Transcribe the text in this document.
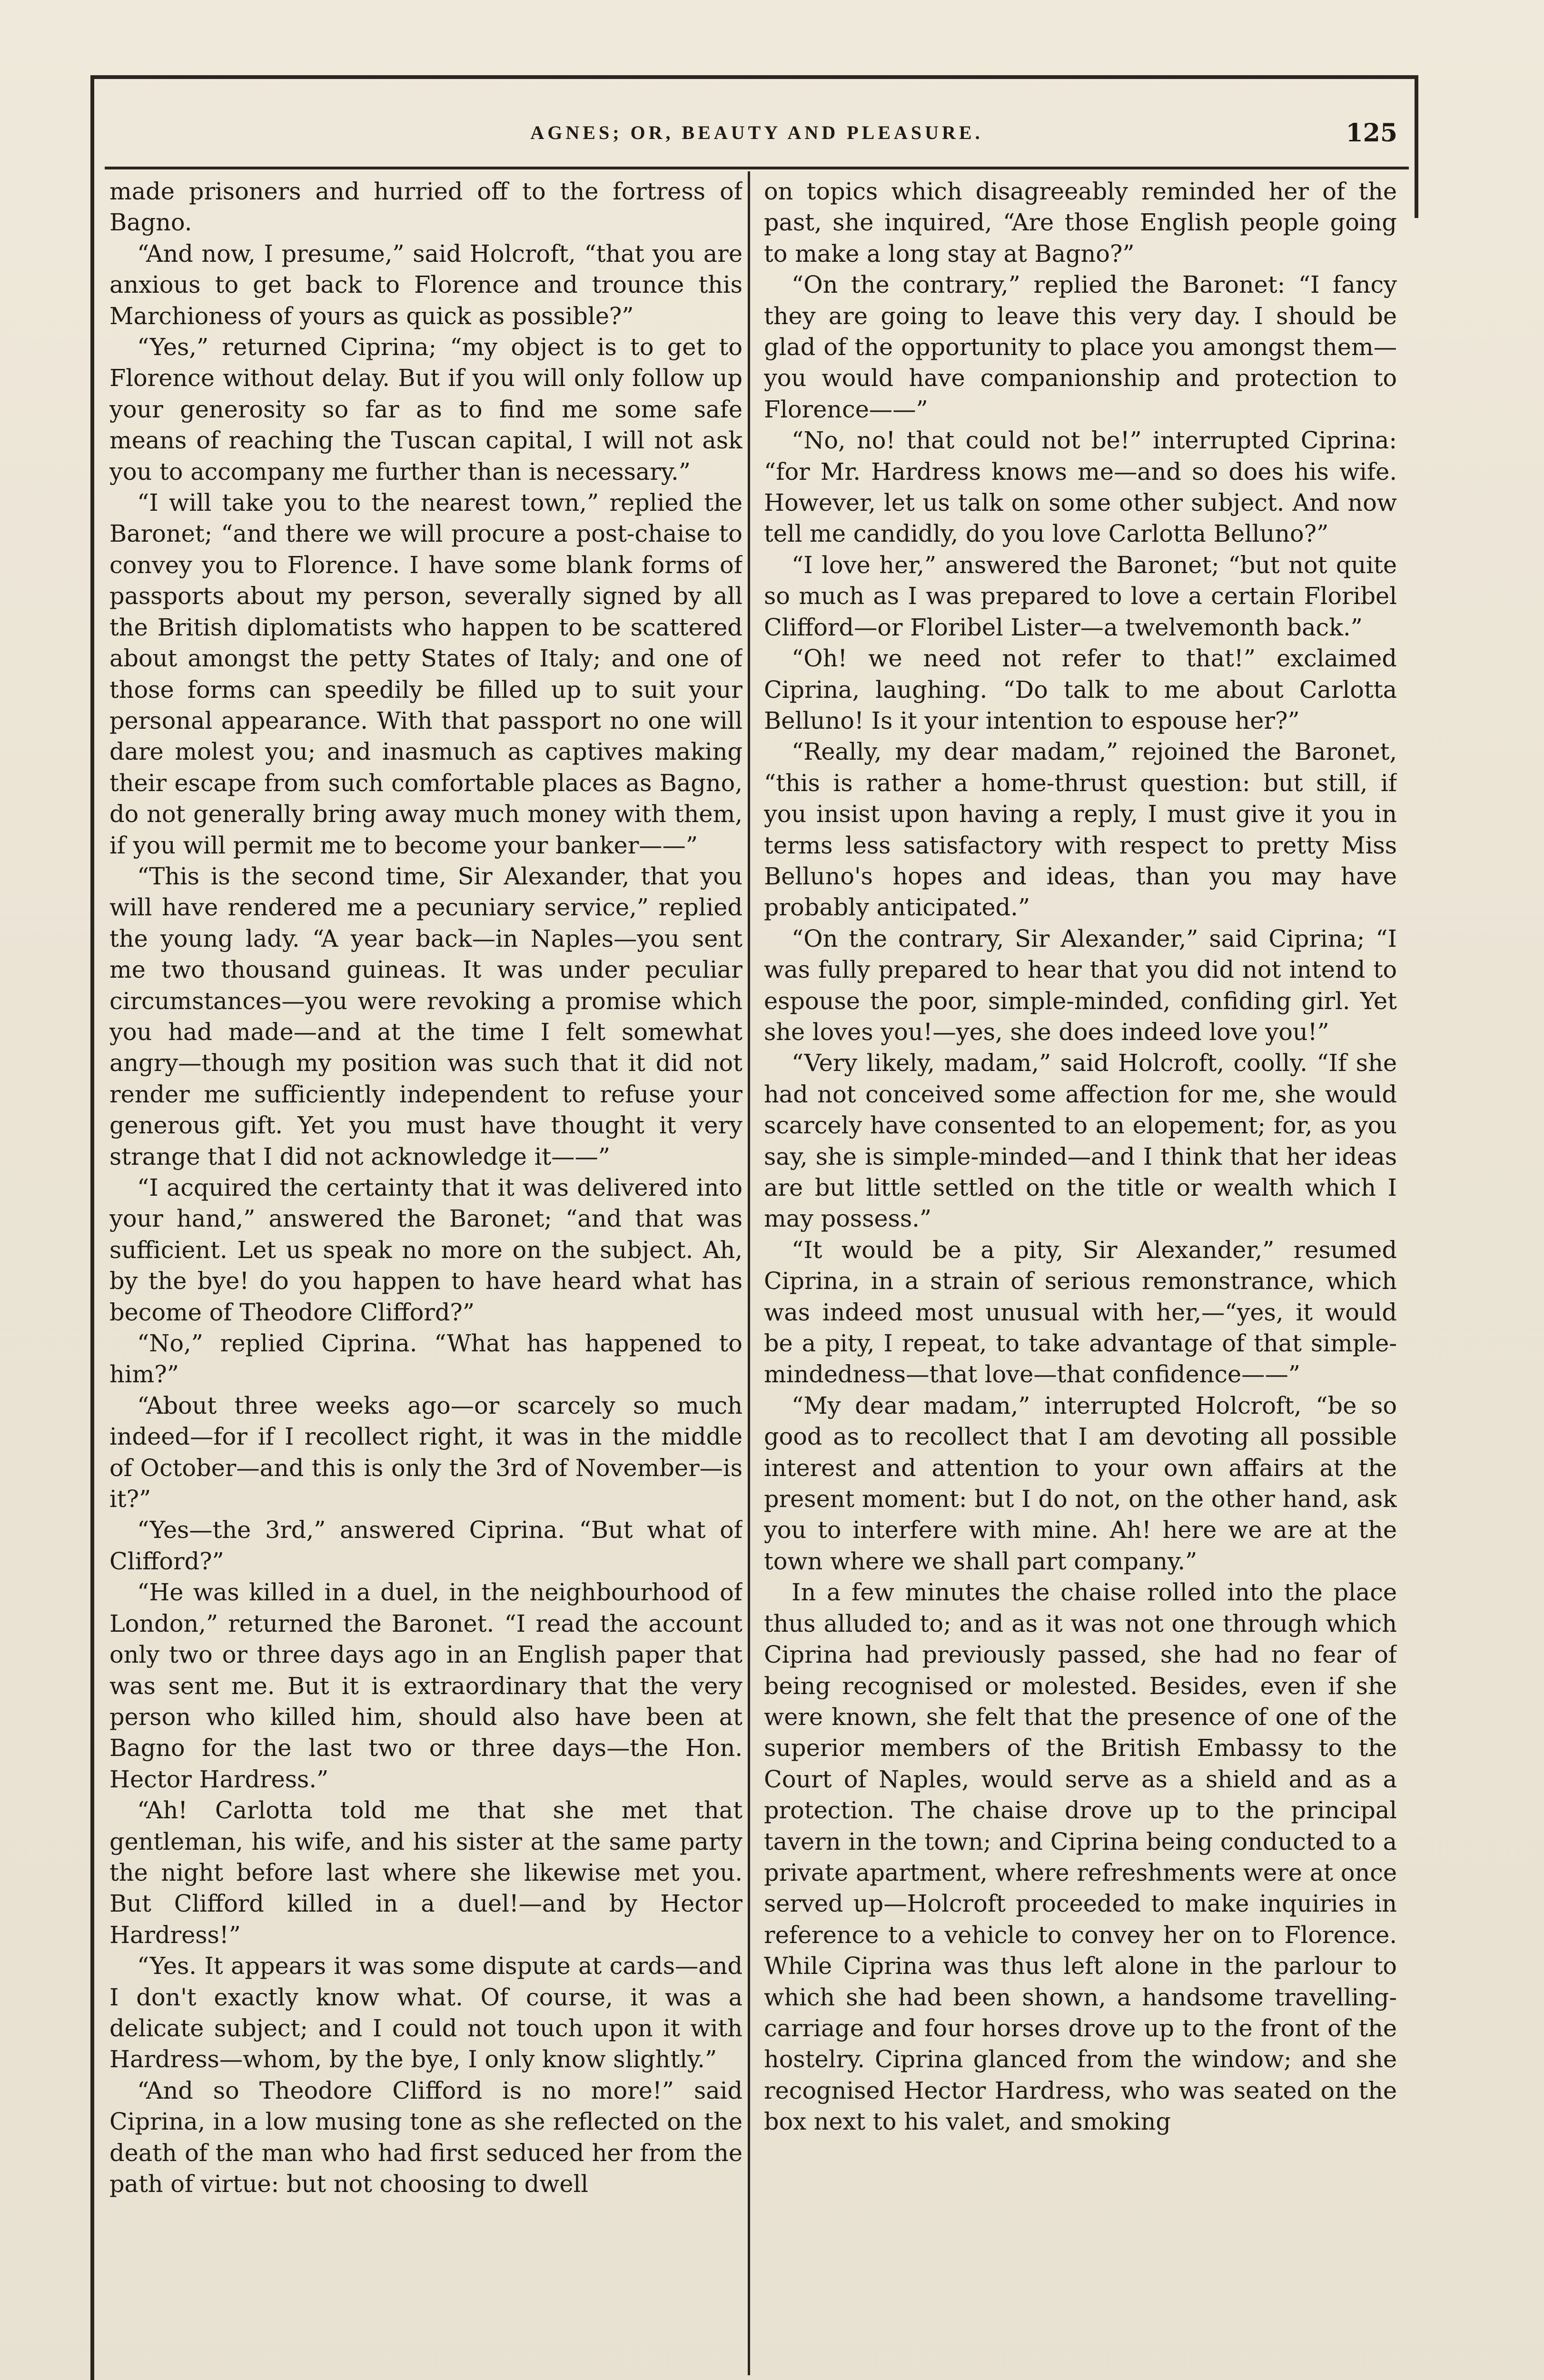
AGNES; OR, BEAUTY AND PLEASURE.	125

made prisoners and hurried off to the fortress of Bagno.

“And now, I presume,” said Holcroft, “that you are anxious to get back to Florence and trounce this Marchioness of yours as quick as possible?”

“Yes,” returned Ciprina; “my object is to get to Florence without delay. But if you will only follow up your generosity so far as to find me some safe means of reaching the Tuscan capital, I will not ask you to accompany me further than is necessary.”

“I will take you to the nearest town,” replied the Baronet; “and there we will procure a post-chaise to convey you to Florence. I have some blank forms of passports about my person, severally signed by all the British diplomatists who happen to be scattered about amongst the petty States of Italy; and one of those forms can speedily be filled up to suit your personal appearance. With that passport no one will dare molest you; and inasmuch as captives making their escape from such comfortable places as Bagno, do not generally bring away much money with them, if you will permit me to become your banker——”

“This is the second time, Sir Alexander, that you will have rendered me a pecuniary service,” replied the young lady. “A year back—in Naples—you sent me two thousand guineas. It was under peculiar circumstances—you were revoking a promise which you had made—and at the time I felt somewhat angry—though my position was such that it did not render me sufficiently independent to refuse your generous gift. Yet you must have thought it very strange that I did not acknowledge it——”

“I acquired the certainty that it was delivered into your hand,” answered the Baronet; “and that was sufficient. Let us speak no more on the subject. Ah, by the bye! do you happen to have heard what has become of Theodore Clifford?”

“No,” replied Ciprina. “What has happened to him?”

“About three weeks ago—or scarcely so much indeed—for if I recollect right, it was in the middle of October—and this is only the 3rd of November—is it?”

“Yes—the 3rd,” answered Ciprina. “But what of Clifford?”

“He was killed in a duel, in the neighbourhood of London,” returned the Baronet. “I read the account only two or three days ago in an English paper that was sent me. But it is extraordinary that the very person who killed him, should also have been at Bagno for the last two or three days—the Hon. Hector Hardress.”

“Ah! Carlotta told me that she met that gentleman, his wife, and his sister at the same party the night before last where she likewise met you. But Clifford killed in a duel!—and by Hector Hardress!”

“Yes. It appears it was some dispute at cards—and I don't exactly know what. Of course, it was a delicate subject; and I could not touch upon it with Hardress—whom, by the bye, I only know slightly.”

“And so Theodore Clifford is no more!” said Ciprina, in a low musing tone as she reflected on the death of the man who had first seduced her from the path of virtue: but not choosing to dwell

on topics which disagreeably reminded her of the past, she inquired, “Are those English people going to make a long stay at Bagno?”

“On the contrary,” replied the Baronet: “I fancy they are going to leave this very day. I should be glad of the opportunity to place you amongst them—you would have companionship and protection to Florence——”

“No, no! that could not be!” interrupted Ciprina: “for Mr. Hardress knows me—and so does his wife. However, let us talk on some other subject. And now tell me candidly, do you love Carlotta Belluno?”

“I love her,” answered the Baronet; “but not quite so much as I was prepared to love a certain Floribel Clifford—or Floribel Lister—a twelvemonth back.”

“Oh! we need not refer to that!” exclaimed Ciprina, laughing. “Do talk to me about Carlotta Belluno! Is it your intention to espouse her?”

“Really, my dear madam,” rejoined the Baronet, “this is rather a home-thrust question: but still, if you insist upon having a reply, I must give it you in terms less satisfactory with respect to pretty Miss Belluno's hopes and ideas, than you may have probably anticipated.”

“On the contrary, Sir Alexander,” said Ciprina; “I was fully prepared to hear that you did not intend to espouse the poor, simple-minded, confiding girl. Yet she loves you!—yes, she does indeed love you!”

“Very likely, madam,” said Holcroft, coolly. “If she had not conceived some affection for me, she would scarcely have consented to an elopement; for, as you say, she is simple-minded—and I think that her ideas are but little settled on the title or wealth which I may possess.”

“It would be a pity, Sir Alexander,” resumed Ciprina, in a strain of serious remonstrance, which was indeed most unusual with her,—“yes, it would be a pity, I repeat, to take advantage of that simple-mindedness—that love—that confidence——”

“My dear madam,” interrupted Holcroft, “be so good as to recollect that I am devoting all possible interest and attention to your own affairs at the present moment: but I do not, on the other hand, ask you to interfere with mine. Ah! here we are at the town where we shall part company.”

In a few minutes the chaise rolled into the place thus alluded to; and as it was not one through which Ciprina had previously passed, she had no fear of being recognised or molested. Besides, even if she were known, she felt that the presence of one of the superior members of the British Embassy to the Court of Naples, would serve as a shield and as a protection. The chaise drove up to the principal tavern in the town; and Ciprina being conducted to a private apartment, where refreshments were at once served up—Holcroft proceeded to make inquiries in reference to a vehicle to convey her on to Florence. While Ciprina was thus left alone in the parlour to which she had been shown, a handsome travelling-carriage and four horses drove up to the front of the hostelry. Ciprina glanced from the window; and she recognised Hector Hardress, who was seated on the box next to his valet, and smoking
